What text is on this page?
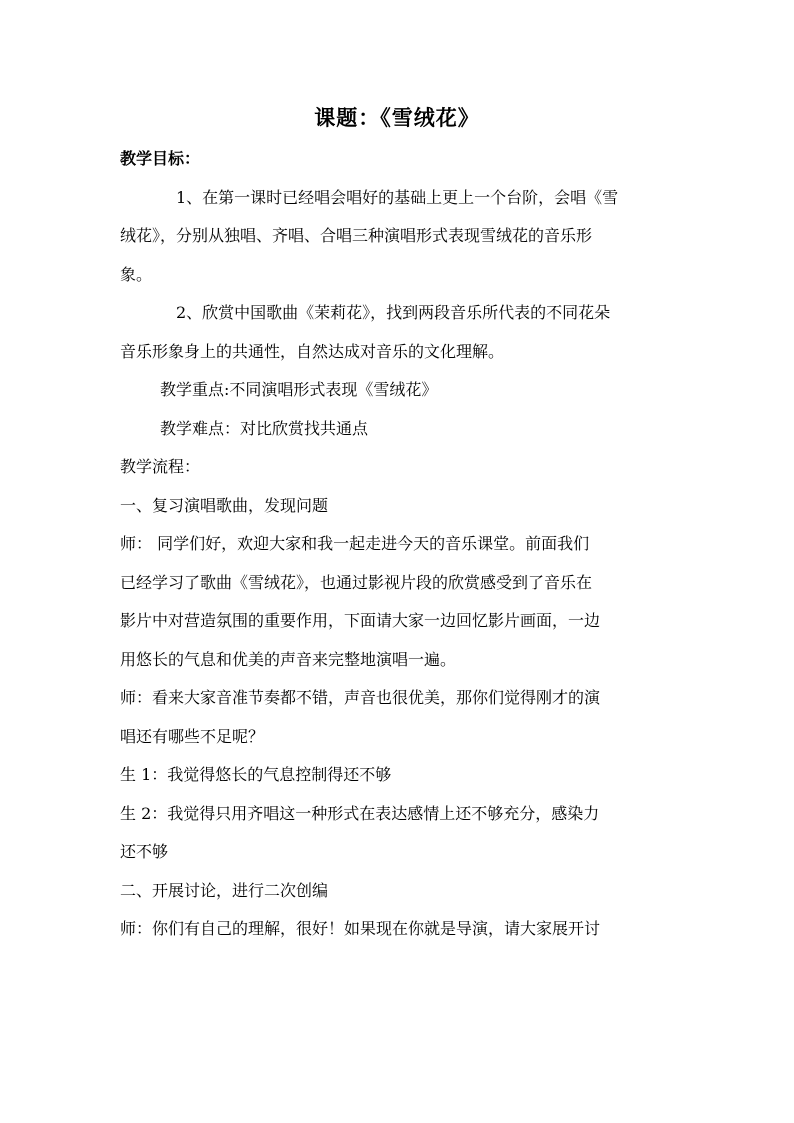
课题：《雪绒花》
教学目标：
1、在第一课时已经唱会唱好的基础上更上一个台阶，会唱《雪
绒花》，分别从独唱、齐唱、合唱三种演唱形式表现雪绒花的音乐形
象。
2、欣赏中国歌曲《茉莉花》，找到两段音乐所代表的不同花朵
音乐形象身上的共通性，自然达成对音乐的文化理解。
教学重点:不同演唱形式表现《雪绒花》
教学难点：对比欣赏找共通点
教学流程：
一、复习演唱歌曲，发现问题
师： 同学们好，欢迎大家和我一起走进今天的音乐课堂。前面我们
已经学习了歌曲《雪绒花》，也通过影视片段的欣赏感受到了音乐在
影片中对营造氛围的重要作用，下面请大家一边回忆影片画面，一边
用悠长的气息和优美的声音来完整地演唱一遍。
师：看来大家音准节奏都不错，声音也很优美，那你们觉得刚才的演
唱还有哪些不足呢？
生 1：我觉得悠长的气息控制得还不够
生 2：我觉得只用齐唱这一种形式在表达感情上还不够充分，感染力
还不够
二、开展讨论，进行二次创编
师：你们有自己的理解，很好！如果现在你就是导演，请大家展开讨
